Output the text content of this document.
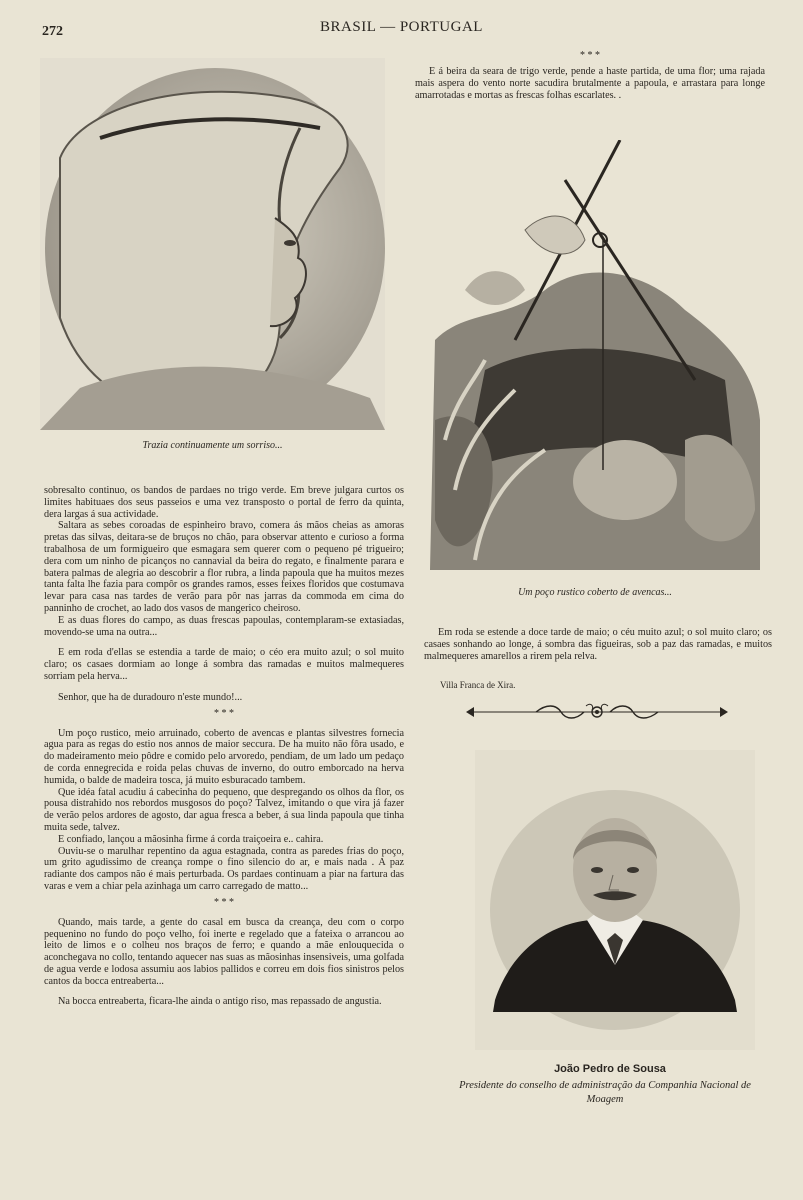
272	BRASIL — PORTUGAL
Trazia continuamente um sorriso...

sobresalto continuo, os bandos de pardaes no trigo verde. Em breve julgara curtos os limites habituaes dos seus passeios e uma vez transposto o portal de ferro da quinta, dera largas á sua actividade.

Saltara as sebes coroadas de espinheiro bravo, comera ás mãos cheias as amoras pretas das silvas, deitara-se de bruços no chão, para observar attento e curioso a forma trabalhosa de um formigueiro que esmagara sem querer com o pequeno pé trigueiro; dera com um ninho de picanços no cannavial da beira do regato, e finalmente parara e batera palmas de alegria ao descobrir a flor rubra, a linda papoula que ha muitos mezes tanta falta lhe fazia para compôr os grandes ramos, esses feixes floridos que costumava levar para casa nas tardes de verão para pôr nas jarras da commoda em cima do panninho de crochet, ao lado dos vasos de mangerico cheiroso.

E as duas flores do campo, as duas frescas papoulas, contemplaram-se extasiadas, movendo-se uma na outra...

E em roda d'ellas se estendia a tarde de maio; o céo era muito azul; o sol muito claro; os casaes dormiam ao longe á sombra das ramadas e muitos malmequeres sorriam pela herva...

Senhor, que ha de duradouro n'este mundo!...

* * *

Um poço rustico, meio arruinado, coberto de avencas e plantas silvestres fornecia agua para as regas do estio nos annos de maior seccura. De ha muito não fôra usado, e do madeiramento meio pôdre e comido pelo arvoredo, pendiam, de um lado um pedaço de corda ennegrecida e roida pelas chuvas de inverno, do outro emborcado na herva humida, o balde de madeira tosca, já muito esburacado tambem.

Que idéa fatal acudiu á cabecinha do pequeno, que despregando os olhos da flor, os pousa distrahido nos rebordos musgosos do poço? Talvez, imitando o que vira já fazer de verão pelos ardores de agosto, dar agua fresca a beber, á sua linda papoula que tinha muita sede, talvez.

E confiado, lançou a mãosinha firme á corda traiçoeira e.. cahira.

Ouviu-se o marulhar repentino da agua estagnada, contra as paredes frias do poço, um grito agudissimo de creança rompe o fino silencio do ar, e mais nada . A paz radiante dos campos não é mais perturbada. Os pardaes continuam a piar na fartura das varas e vem a chiar pela azinhaga um carro carregado de matto...

* * *

Quando, mais tarde, a gente do casal em busca da creança, deu com o corpo pequenino no fundo do poço velho, foi inerte e regelado que a fateixa o arrancou ao leito de limos e o colheu nos braços de ferro; e quando a mãe enlouquecida o aconchegava no collo, tentando aquecer nas suas as mãosinhas insensiveis, uma golfada de agua verde e lodosa assumiu aos labios pallidos e correu em dois fios sinistros pelos cantos da bocca entreaberta...

Na bocca entreaberta, ficara-lhe ainda o antigo riso, mas repassado de angustia.

* * *

E á beira da seara de trigo verde, pende a haste partida, de uma flor; uma rajada mais aspera do vento norte sacudira brutalmente a papoula, e arrastara para longe amarrotadas e mortas as frescas folhas escarlates. .

Um poço rustico coberto de avencas...

Em roda se estende a doce tarde de maio; o céu muito azul; o sol muito claro; os casaes sonhando ao longe, á sombra das figueiras, sob a paz das ramadas, e muitos malmequeres amarellos a rirem pela relva.

Villa Franca de Xira.
João Pedro de Sousa
Presidente do conselho de administração da Companhia Nacional de Moagem
